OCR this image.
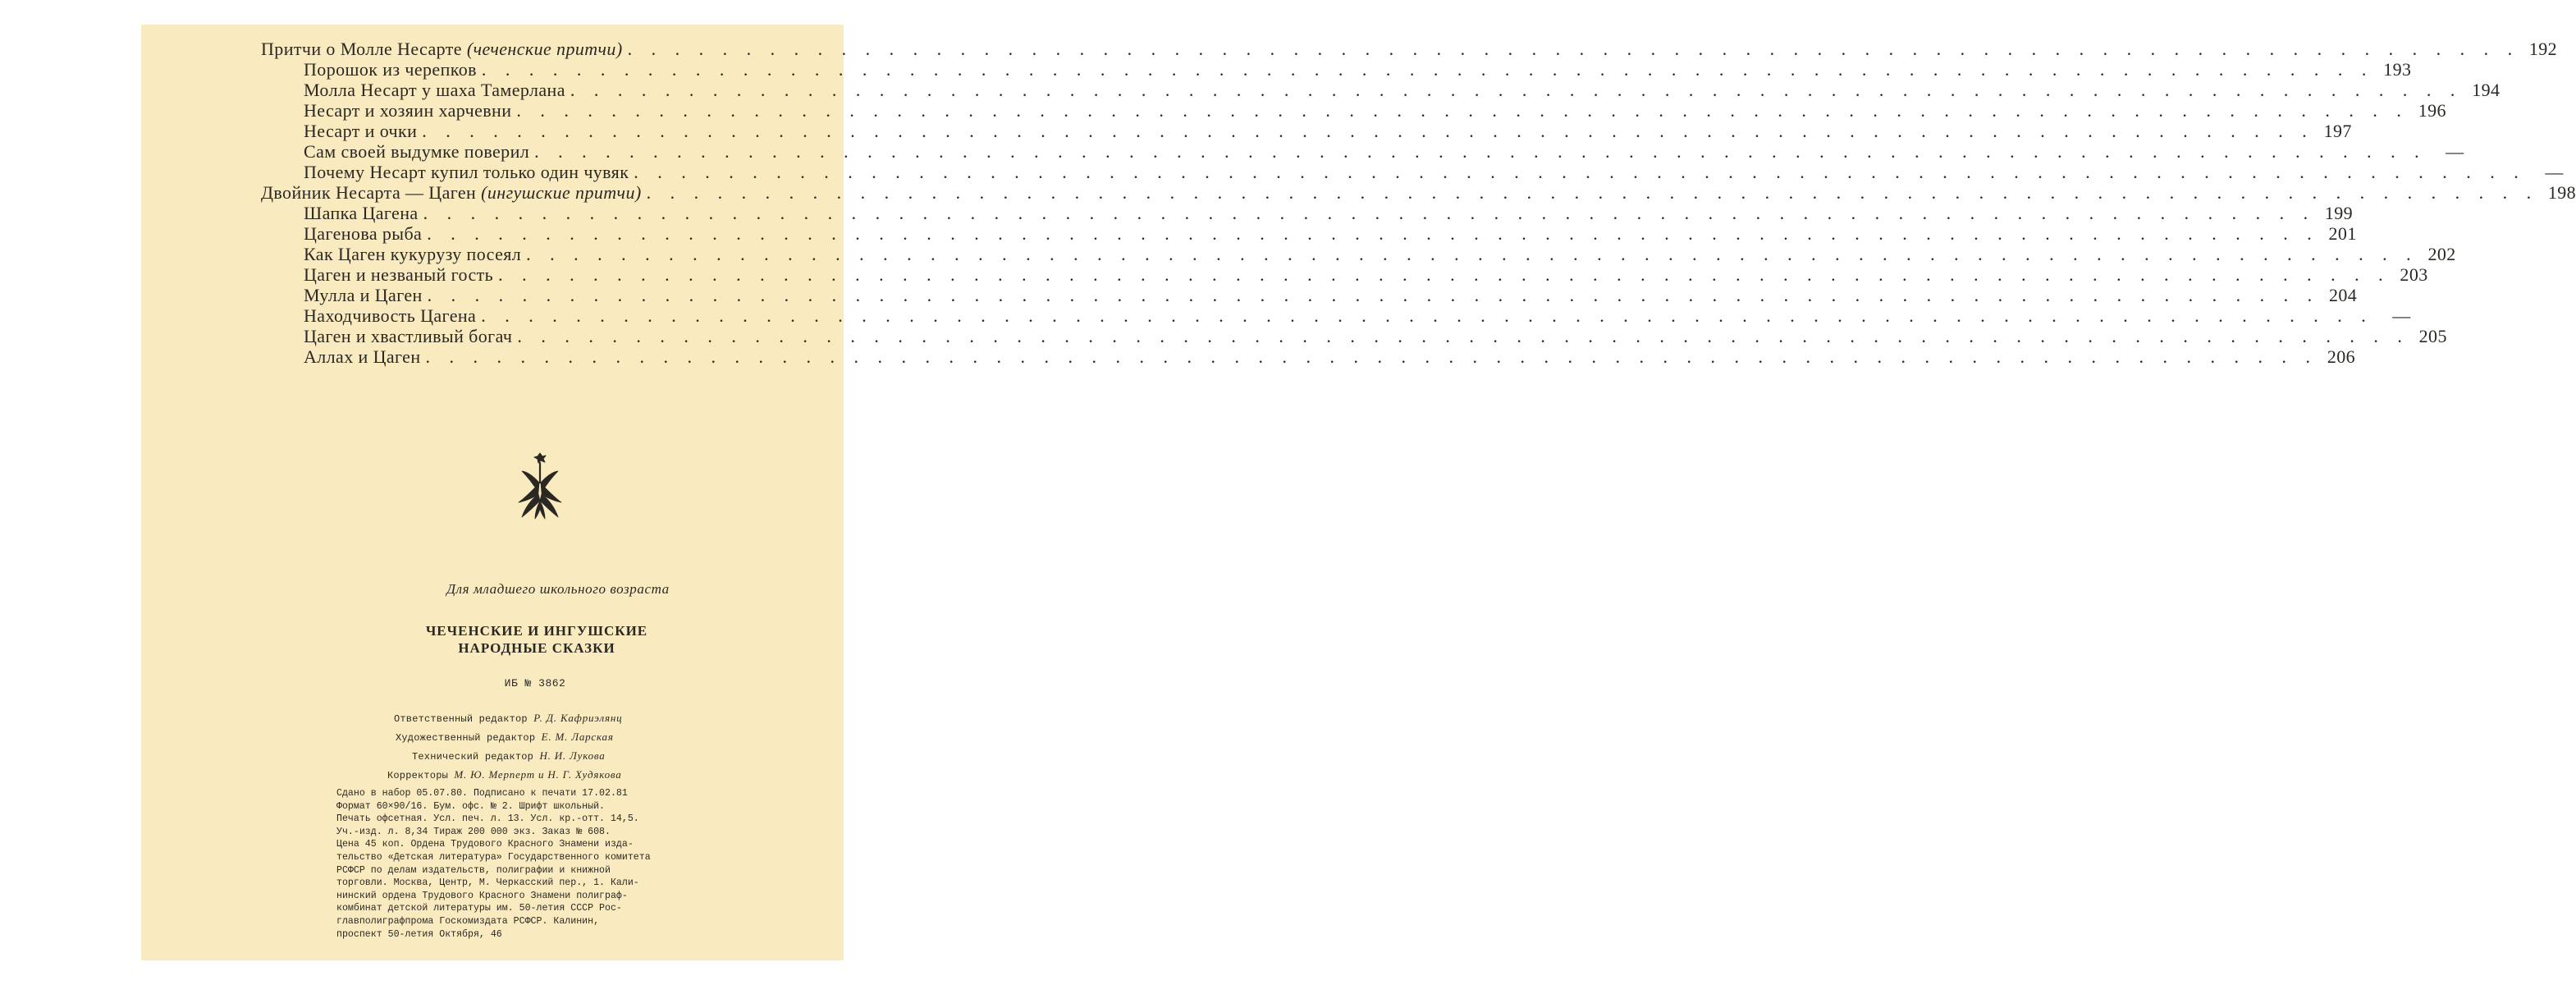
Притчи о Молле Несарте (чеченские притчи) . . . . . . . . . . . . . . . . . . . . . . . . . . . . . . . . . . . . . . . . . . . . . . . . . . . . . . . . . . . . . . . . . . . . . . . . . . . . . . . . 192
Порошок из черепков . . . . . . . . . . . . . . . . . . . . . . . . . . . . . . . . . . . . . . . . . . . . . . . . . . . . . . . . . . . . . . . . . . . . . . . . . . . . . . . . 193
Молла Несарт у шаха Тамерлана . . . . . . . . . . . . . . . . . . . . . . . . . . . . . . . . . . . . . . . . . . . . . . . . . . . . . . . . . . . . . . . . . . . . . . . . . . . . . . . . 194
Несарт и хозяин харчевни . . . . . . . . . . . . . . . . . . . . . . . . . . . . . . . . . . . . . . . . . . . . . . . . . . . . . . . . . . . . . . . . . . . . . . . . . . . . . . . . 196
Несарт и очки . . . . . . . . . . . . . . . . . . . . . . . . . . . . . . . . . . . . . . . . . . . . . . . . . . . . . . . . . . . . . . . . . . . . . . . . . . . . . . . . 197
Сам своей выдумке поверил . . . . . . . . . . . . . . . . . . . . . . . . . . . . . . . . . . . . . . . . . . . . . . . . . . . . . . . . . . . . . . . . . . . . . . . . . . . . . . . .	—
Почему Несарт купил только один чувяк . . . . . . . . . . . . . . . . . . . . . . . . . . . . . . . . . . . . . . . . . . . . . . . . . . . . . . . . . . . . . . . . . . . . . . . . . . . . . . . .	—
Двойник Несарта — Цаген (ингушские притчи) . . . . . . . . . . . . . . . . . . . . . . . . . . . . . . . . . . . . . . . . . . . . . . . . . . . . . . . . . . . . . . . . . . . . . . . . . . . . . . . . 198
Шапка Цагена . . . . . . . . . . . . . . . . . . . . . . . . . . . . . . . . . . . . . . . . . . . . . . . . . . . . . . . . . . . . . . . . . . . . . . . . . . . . . . . . 199
Цагенова рыба . . . . . . . . . . . . . . . . . . . . . . . . . . . . . . . . . . . . . . . . . . . . . . . . . . . . . . . . . . . . . . . . . . . . . . . . . . . . . . . . 201
Как Цаген кукурузу посеял . . . . . . . . . . . . . . . . . . . . . . . . . . . . . . . . . . . . . . . . . . . . . . . . . . . . . . . . . . . . . . . . . . . . . . . . . . . . . . . . 202
Цаген и незваный гость . . . . . . . . . . . . . . . . . . . . . . . . . . . . . . . . . . . . . . . . . . . . . . . . . . . . . . . . . . . . . . . . . . . . . . . . . . . . . . . . 203
Мулла и Цаген . . . . . . . . . . . . . . . . . . . . . . . . . . . . . . . . . . . . . . . . . . . . . . . . . . . . . . . . . . . . . . . . . . . . . . . . . . . . . . . . 204
Находчивость Цагена . . . . . . . . . . . . . . . . . . . . . . . . . . . . . . . . . . . . . . . . . . . . . . . . . . . . . . . . . . . . . . . . . . . . . . . . . . . . . . . .	—
Цаген и хвастливый богач . . . . . . . . . . . . . . . . . . . . . . . . . . . . . . . . . . . . . . . . . . . . . . . . . . . . . . . . . . . . . . . . . . . . . . . . . . . . . . . . 205
Аллах и Цаген . . . . . . . . . . . . . . . . . . . . . . . . . . . . . . . . . . . . . . . . . . . . . . . . . . . . . . . . . . . . . . . . . . . . . . . . . . . . . . . . 206
Для младшего школьного возраста
ЧЕЧЕНСКИЕ И ИНГУШСКИЕ
НАРОДНЫЕ СКАЗКИ
ИБ № 3862
Ответственный редактор Р. Д. Кафриэлянц
Художественный редактор Е. М. Ларская
Технический редактор Н. И. Лукова
Корректоры М. Ю. Мерперт и Н. Г. Худякова
Сдано в набор 05.07.80. Подписано к печати 17.02.81
Формат 60×90/16. Бум. офс. № 2. Шрифт школьный.
Печать офсетная. Усл. печ. л. 13. Усл. кр.-отт. 14,5.
Уч.-изд. л. 8,34 Тираж 200 000 экз. Заказ № 608.
Цена 45 коп. Ордена Трудового Красного Знамени изда-
тельство «Детская литература» Государственного комитета
РСФСР по делам издательств, полиграфии и книжной
торговли. Москва, Центр, М. Черкасский пер., 1. Кали-
нинский ордена Трудового Красного Знамени полиграф-
комбинат детской литературы им. 50-летия СССР Рос-
главполиграфпрома Госкомиздата РСФСР. Калинин,
проспект 50-летия Октября, 46
